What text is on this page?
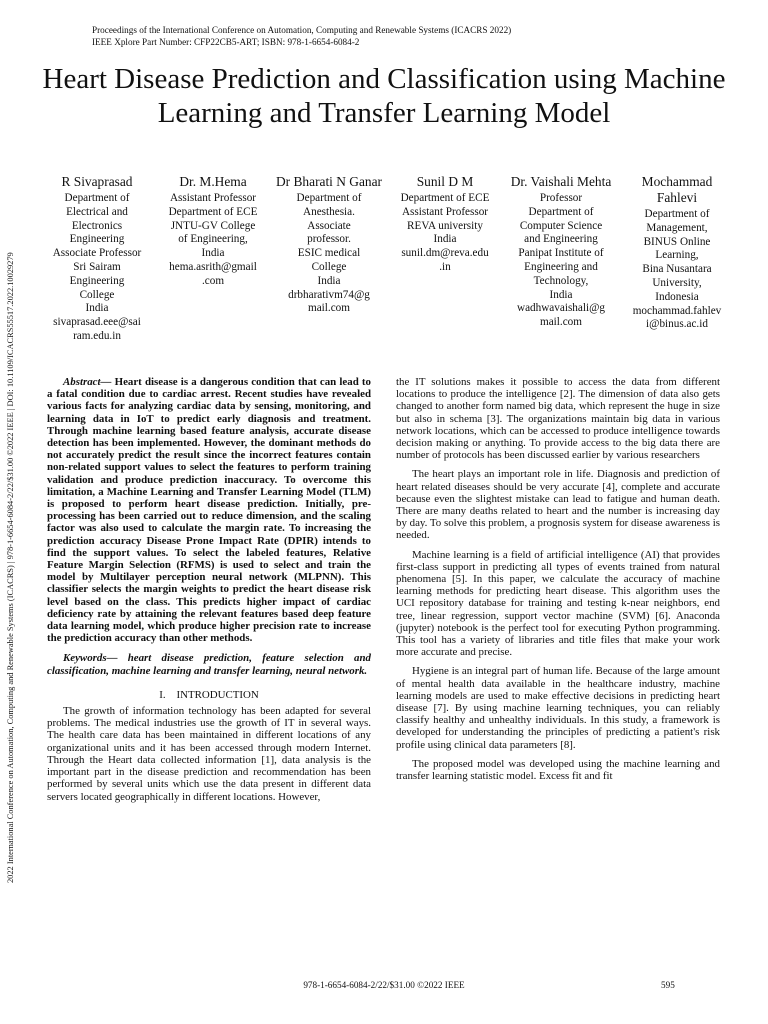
Proceedings of the International Conference on Automation, Computing and Renewable Systems (ICACRS 2022)
IEEE Xplore Part Number: CFP22CB5-ART; ISBN: 978-1-6654-6084-2
2022 International Conference on Automation, Computing and Renewable Systems (ICACRS) | 978-1-6654-6084-2/22/$31.00 ©2022 IEEE | DOI: 10.1109/ICACRS55517.2022.10029279
Heart Disease Prediction and Classification using Machine Learning and Transfer Learning Model
R Sivaprasad
Department of
Electrical and
Electronics
Engineering
Associate Professor
Sri Sairam
Engineering
College
India
sivaprasad.eee@sai
ram.edu.in
Dr. M.Hema
Assistant Professor
Department of ECE
JNTU-GV College
of Engineering,
India
hema.asrith@gmail
.com
Dr Bharati N Ganar
Department of
Anesthesia.
Associate
professor.
ESIC medical
College
India
drbharativm74@g
mail.com
Sunil D M
Department of ECE
Assistant Professor
REVA university
India
sunil.dm@reva.edu
.in
Dr. Vaishali Mehta
Professor
Department of
Computer Science
and Engineering
Panipat Institute of
Engineering and
Technology,
India
wadhwavaishali@g
mail.com
Mochammad Fahlevi
Department of
Management,
BINUS Online
Learning,
Bina Nusantara
University,
Indonesia
mochammad.fahlev
i@binus.ac.id

Abstract— Heart disease is a dangerous condition that can lead to a fatal condition due to cardiac arrest. Recent studies have revealed various facts for analyzing cardiac data by sensing, monitoring, and learning data in IoT to predict early diagnosis and treatment. Through machine learning based feature analysis, accurate disease detection has been implemented. However, the dominant methods do not accurately predict the result since the incorrect features contain non-related support values to select the features to perform training validation and produce prediction inaccuracy. To overcome this limitation, a Machine Learning and Transfer Learning Model (TLM) is proposed to perform heart disease prediction. Initially, pre-processing has been carried out to reduce dimension, and the scaling factor was also used to calculate the margin rate. To increasing the prediction accuracy Disease Prone Impact Rate (DPIR) intends to find the support values. To select the labeled features, Relative Feature Margin Selection (RFMS) is used to select and train the model by Multilayer perception neural network (MLPNN). This classifier selects the margin weights to predict the heart disease risk level based on the class. This predicts higher impact of cardiac deficiency rate by attaining the relevant features based deep feature data learning model, which produce higher precision rate to increase the prediction accuracy than other methods.

Keywords— heart disease prediction, feature selection and classification, machine learning and transfer learning, neural network.

I. INTRODUCTION

The growth of information technology has been adapted for several problems. The medical industries use the growth of IT in several ways. The health care data has been maintained in different locations of any organizational units and it has been accessed through modern Internet. Through the Heart data collected information [1], data analysis is the important part in the disease prediction and recommendation has been performed by several units which use the data present in different data servers located geographically in different locations. However,

the IT solutions makes it possible to access the data from different locations to produce the intelligence [2]. The dimension of data also gets changed to another form named big data, which represent the huge in size but also in schema [3]. The organizations maintain big data in various network locations, which can be accessed to produce intelligence towards decision making or anything. To provide access to the big data there are number of protocols has been discussed earlier by various researchers

The heart plays an important role in life. Diagnosis and prediction of heart related diseases should be very accurate [4], complete and accurate because even the slightest mistake can lead to fatigue and human death. There are many deaths related to heart and the number is increasing day by day. To solve this problem, a prognosis system for disease awareness is needed.

Machine learning is a field of artificial intelligence (AI) that provides first-class support in predicting all types of events trained from natural phenomena [5]. In this paper, we calculate the accuracy of machine learning methods for predicting heart disease. This algorithm uses the UCI repository database for training and testing k-near neighbors, end tree, linear regression, support vector machine (SVM) [6]. Anaconda (jupyter) notebook is the perfect tool for executing Python programming. This tool has a variety of libraries and title files that make your work more accurate and precise.

Hygiene is an integral part of human life. Because of the large amount of mental health data available in the healthcare industry, machine learning models are used to make effective decisions in predicting heart disease [7]. By using machine learning techniques, you can reliably classify healthy and unhealthy individuals. In this study, a framework is developed for understanding the principles of predicting a patient's risk profile using clinical data parameters [8].

The proposed model was developed using the machine learning and transfer learning statistic model. Excess fit and fit

978-1-6654-6084-2/22/$31.00 ©2022 IEEE	595
